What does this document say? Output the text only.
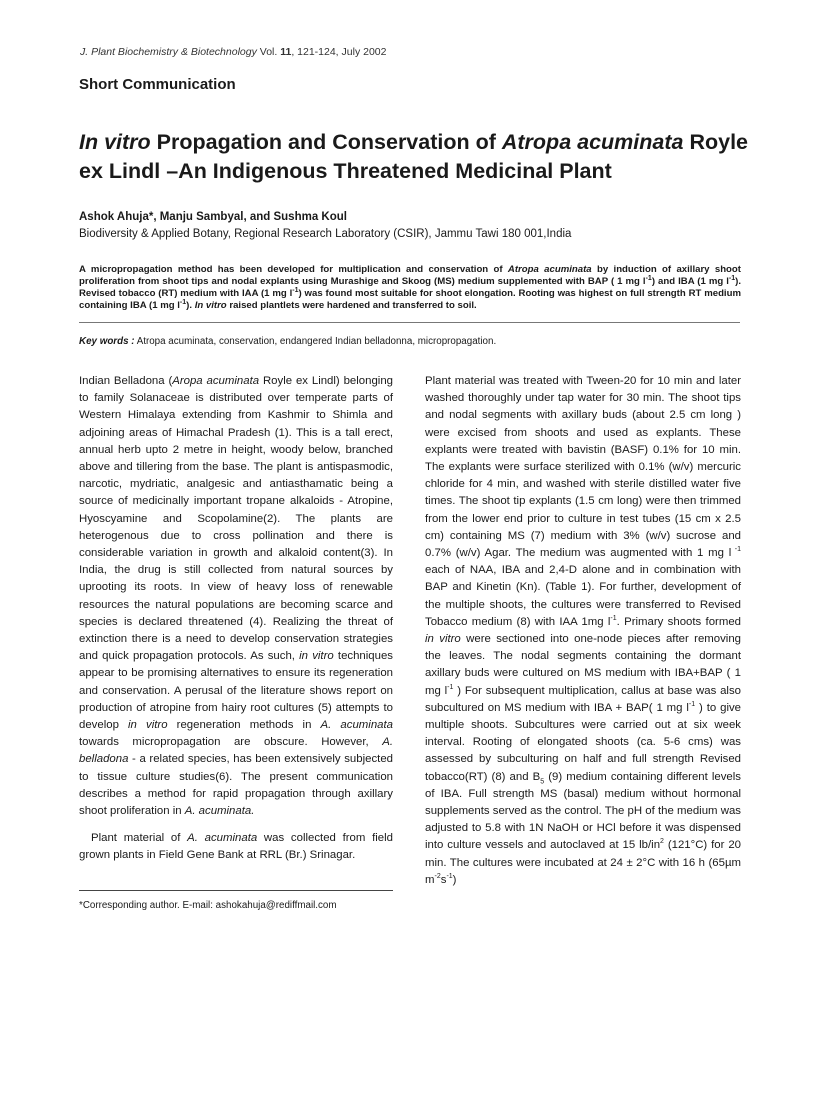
J. Plant Biochemistry & Biotechnology Vol. 11, 121-124, July 2002
Short Communication
In vitro Propagation and Conservation of Atropa acuminata Royle ex Lindl –An Indigenous Threatened Medicinal Plant
Ashok Ahuja*, Manju Sambyal, and Sushma Koul
Biodiversity & Applied Botany, Regional Research Laboratory (CSIR), Jammu Tawi 180 001,India
A micropropagation method has been developed for multiplication and conservation of Atropa acuminata by induction of axillary shoot proliferation from shoot tips and nodal explants using Murashige and Skoog (MS) medium supplemented with BAP ( 1 mg $l^{-1}$) and IBA (1 mg $l^{-1}$). Revised tobacco (RT) medium with IAA (1 mg $l^{-1}$) was found most suitable for shoot elongation. Rooting was highest on full strength RT medium containing IBA (1 mg $l^{-1}$). In vitro raised plantlets were hardened and transferred to soil.
Key words : Atropa acuminata, conservation, endangered Indian belladonna, micropropagation.

Indian Belladona (Aropa acuminata Royle ex Lindl) belonging to family Solanaceae is distributed over temperate parts of Western Himalaya extending from Kashmir to Shimla and adjoining areas of Himachal Pradesh (1). This is a tall erect, annual herb upto 2 metre in height, woody below, branched above and tillering from the base. The plant is antispasmodic, narcotic, mydriatic, analgesic and antiasthamatic being a source of medicinally important tropane alkaloids - Atropine, Hyoscyamine and Scopolamine(2). The plants are heterogenous due to cross pollination and there is considerable variation in growth and alkaloid content(3). In India, the drug is still collected from natural sources by uprooting its roots. In view of heavy loss of renewable resources the natural populations are becoming scarce and species is declared threatened (4). Realizing the threat of extinction there is a need to develop conservation strategies and quick propagation protocols. As such, in vitro techniques appear to be promising alternatives to ensure its regeneration and conservation. A perusal of the literature shows report on production of atropine from hairy root cultures (5) attempts to develop in vitro regeneration methods in A. acuminata towards micropropagation are obscure. However, A. belladona - a related species, has been extensively subjected to tissue culture studies(6). The present communication describes a method for rapid propagation through axillary shoot proliferation in A. acuminata.

Plant material of A. acuminata was collected from field grown plants in Field Gene Bank at RRL (Br.) Srinagar.

*Corresponding author. E-mail: ashokahuja@rediffmail.com

Plant material was treated with Tween-20 for 10 min and later washed thoroughly under tap water for 30 min. The shoot tips and nodal segments with axillary buds (about 2.5 cm long ) were excised from shoots and used as explants. These explants were treated with bavistin (BASF) 0.1% for 10 min. The explants were surface sterilized with 0.1% (w/v) mercuric chloride for 4 min, and washed with sterile distilled water five times. The shoot tip explants (1.5 cm long) were then trimmed from the lower end prior to culture in test tubes (15 cm x 2.5 cm) containing MS (7) medium with 3% (w/v) sucrose and 0.7% (w/v) Agar. The medium was augmented with 1 mg l $^{-1}$ each of NAA, IBA and 2,4-D alone and in combination with BAP and Kinetin (Kn). (Table 1). For further, development of the multiple shoots, the cultures were transferred to Revised Tobacco medium (8) with IAA 1mg $l^{-1}$. Primary shoots formed in vitro were sectioned into one-node pieces after removing the leaves. The nodal segments containing the dormant axillary buds were cultured on MS medium with IBA+BAP ( 1 mg $l^{-1}$ ) For subsequent multiplication, callus at base was also subcultured on MS medium with IBA + BAP( 1 mg $l^{-1}$ ) to give multiple shoots. Subcultures were carried out at six week interval. Rooting of elongated shoots (ca. 5-6 cms) was assessed by subculturing on half and full strength Revised tobacco(RT) (8) and $B_5$ (9) medium containing different levels of IBA. Full strength MS (basal) medium without hormonal supplements served as the control. The pH of the medium was adjusted to 5.8 with 1N NaOH or HCl before it was dispensed into culture vessels and autoclaved at 15 $lb/in^2$ (121°C) for 20 min. The cultures were incubated at 24 ± 2°C with 16 h (65µm $m^{-2}s^{-1}$)
